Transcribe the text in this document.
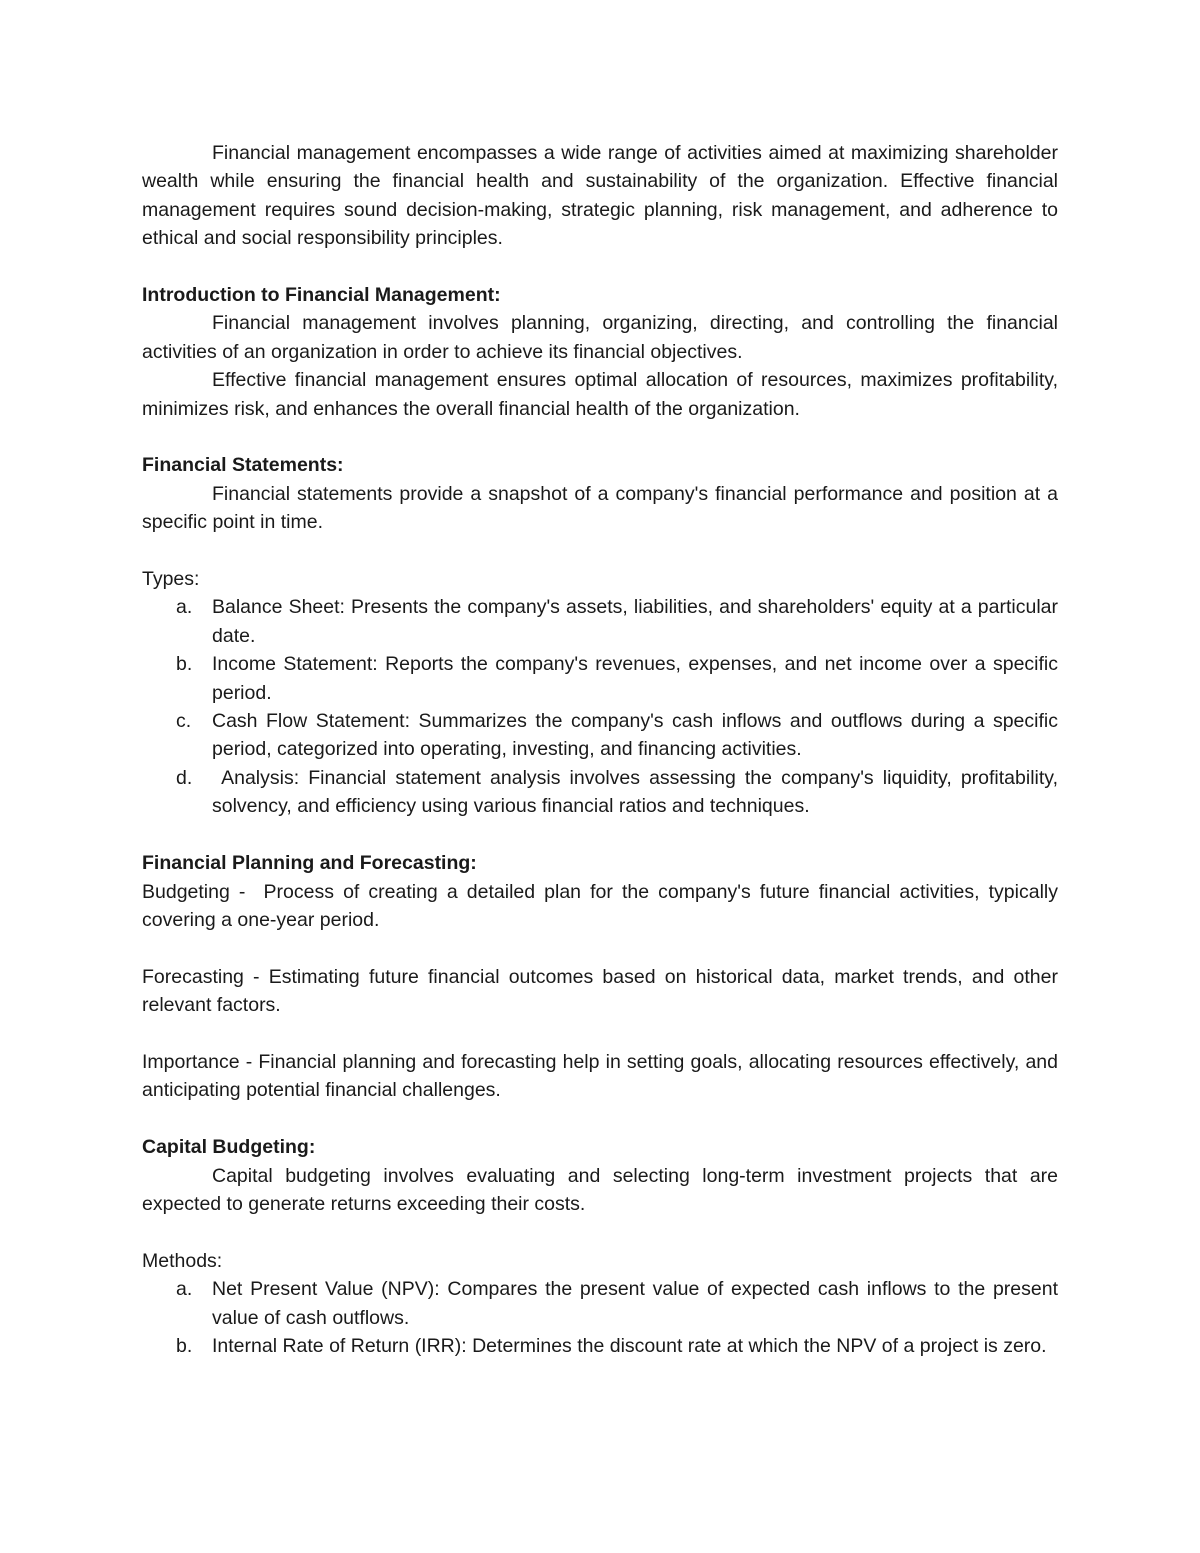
Financial management encompasses a wide range of activities aimed at maximizing shareholder wealth while ensuring the financial health and sustainability of the organization. Effective financial management requires sound decision-making, strategic planning, risk management, and adherence to ethical and social responsibility principles.

Introduction to Financial Management:

Financial management involves planning, organizing, directing, and controlling the financial activities of an organization in order to achieve its financial objectives.

Effective financial management ensures optimal allocation of resources, maximizes profitability, minimizes risk, and enhances the overall financial health of the organization.

Financial Statements:

Financial statements provide a snapshot of a company's financial performance and position at a specific point in time.

Types:

a. Balance Sheet: Presents the company's assets, liabilities, and shareholders' equity at a particular date.
b. Income Statement: Reports the company's revenues, expenses, and net income over a specific period.
c. Cash Flow Statement: Summarizes the company's cash inflows and outflows during a specific period, categorized into operating, investing, and financing activities.
d. Analysis: Financial statement analysis involves assessing the company's liquidity, profitability, solvency, and efficiency using various financial ratios and techniques.

Financial Planning and Forecasting:

Budgeting -  Process of creating a detailed plan for the company's future financial activities, typically covering a one-year period.

Forecasting - Estimating future financial outcomes based on historical data, market trends, and other relevant factors.

Importance - Financial planning and forecasting help in setting goals, allocating resources effectively, and anticipating potential financial challenges.

Capital Budgeting:

Capital budgeting involves evaluating and selecting long-term investment projects that are expected to generate returns exceeding their costs.

Methods:

a. Net Present Value (NPV): Compares the present value of expected cash inflows to the present value of cash outflows.
b. Internal Rate of Return (IRR): Determines the discount rate at which the NPV of a project is zero.
